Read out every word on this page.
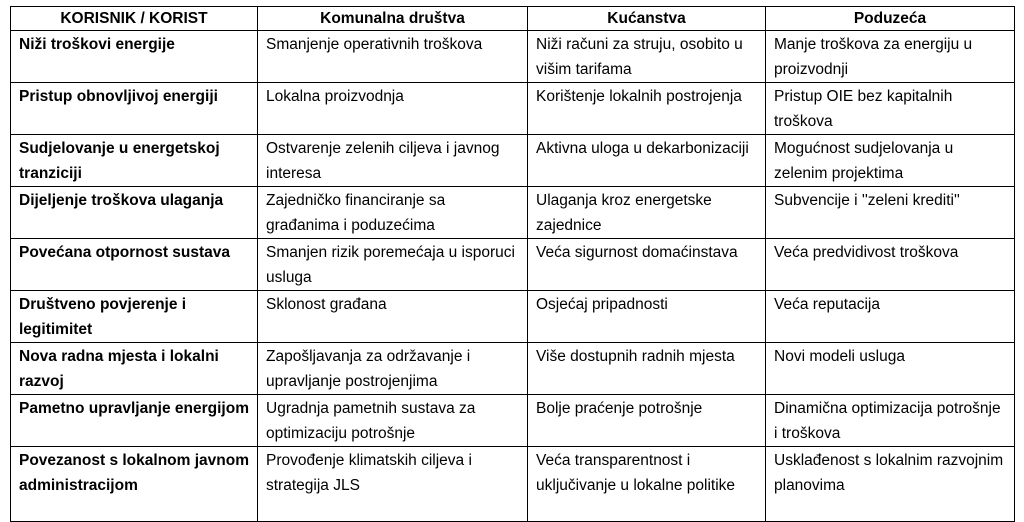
KORISNIK / KORIST	Komunalna društva	Kućanstva	Poduzeća
Niži troškovi energije	Smanjenje operativnih troškova	Niži računi za struju, osobito u višim tarifama	Manje troškova za energiju u proizvodnji
Pristup obnovljivoj energiji	Lokalna proizvodnja	Korištenje lokalnih postrojenja	Pristup OIE bez kapitalnih troškova
Sudjelovanje u energetskoj tranziciji	Ostvarenje zelenih ciljeva i javnog interesa	Aktivna uloga u dekarbonizaciji	Mogućnost sudjelovanja u zelenim projektima
Dijeljenje troškova ulaganja	Zajedničko financiranje sa građanima i poduzećima	Ulaganja kroz energetske zajednice	Subvencije i ''zeleni krediti''
Povećana otpornost sustava	Smanjen rizik poremećaja u isporuci usluga	Veća sigurnost domaćinstava	Veća predvidivost troškova
Društveno povjerenje i legitimitet	Sklonost građana	Osjećaj pripadnosti	Veća reputacija
Nova radna mjesta i lokalni razvoj	Zapošljavanja za održavanje i upravljanje postrojenjima	Više dostupnih radnih mjesta	Novi modeli usluga
Pametno upravljanje energijom	Ugradnja pametnih sustava za optimizaciju potrošnje	Bolje praćenje potrošnje	Dinamična optimizacija potrošnje i troškova
Povezanost s lokalnom javnom administracijom	Provođenje klimatskih ciljeva i strategija JLS	Veća transparentnost i uključivanje u lokalne politike	Usklađenost s lokalnim razvojnim planovima
